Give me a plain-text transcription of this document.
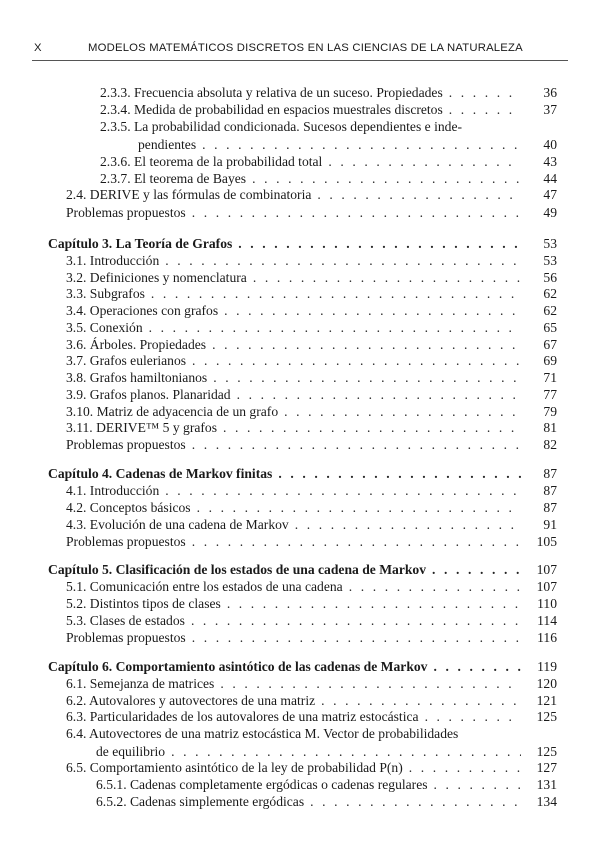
X	MODELOS MATEMÁTICOS DISCRETOS EN LAS CIENCIAS DE LA NATURALEZA
2.3.3. Frecuencia absoluta y relativa de un suceso. Propiedades . . .	36
2.3.4. Medida de probabilidad en espacios muestrales discretos . . .	37
2.3.5. La probabilidad condicionada. Sucesos dependientes e inde-
pendientes . . .	40
2.3.6. El teorema de la probabilidad total . . .	43
2.3.7. El teorema de Bayes . . .	44
2.4. DERIVE y las fórmulas de combinatoria . . .	47
Problemas propuestos . . .	49
Capítulo 3. La Teoría de Grafos . . .	53
3.1. Introducción . . .	53
3.2. Definiciones y nomenclatura . . .	56
3.3. Subgrafos . . .	62
3.4. Operaciones con grafos . . .	62
3.5. Conexión . . .	65
3.6. Árboles. Propiedades . . .	67
3.7. Grafos eulerianos . . .	69
3.8. Grafos hamiltonianos . . .	71
3.9. Grafos planos. Planaridad . . .	77
3.10. Matriz de adyacencia de un grafo . . .	79
3.11. DERIVE™ 5 y grafos . . .	81
Problemas propuestos . . .	82
Capítulo 4. Cadenas de Markov finitas . . .	87
4.1. Introducción . . .	87
4.2. Conceptos básicos . . .	87
4.3. Evolución de una cadena de Markov . . .	91
Problemas propuestos . . .	105
Capítulo 5. Clasificación de los estados de una cadena de Markov . . .	107
5.1. Comunicación entre los estados de una cadena . . .	107
5.2. Distintos tipos de clases . . .	110
5.3. Clases de estados . . .	114
Problemas propuestos . . .	116
Capítulo 6. Comportamiento asintótico de las cadenas de Markov . . .	119
6.1. Semejanza de matrices . . .	120
6.2. Autovalores y autovectores de una matriz . . .	121
6.3. Particularidades de los autovalores de una matriz estocástica . . .	125
6.4. Autovectores de una matriz estocástica M. Vector de probabilidades
de equilibrio . . .	125
6.5. Comportamiento asintótico de la ley de probabilidad P(n) . . .	127
6.5.1. Cadenas completamente ergódicas o cadenas regulares . . .	131
6.5.2. Cadenas simplemente ergódicas . . .	134
